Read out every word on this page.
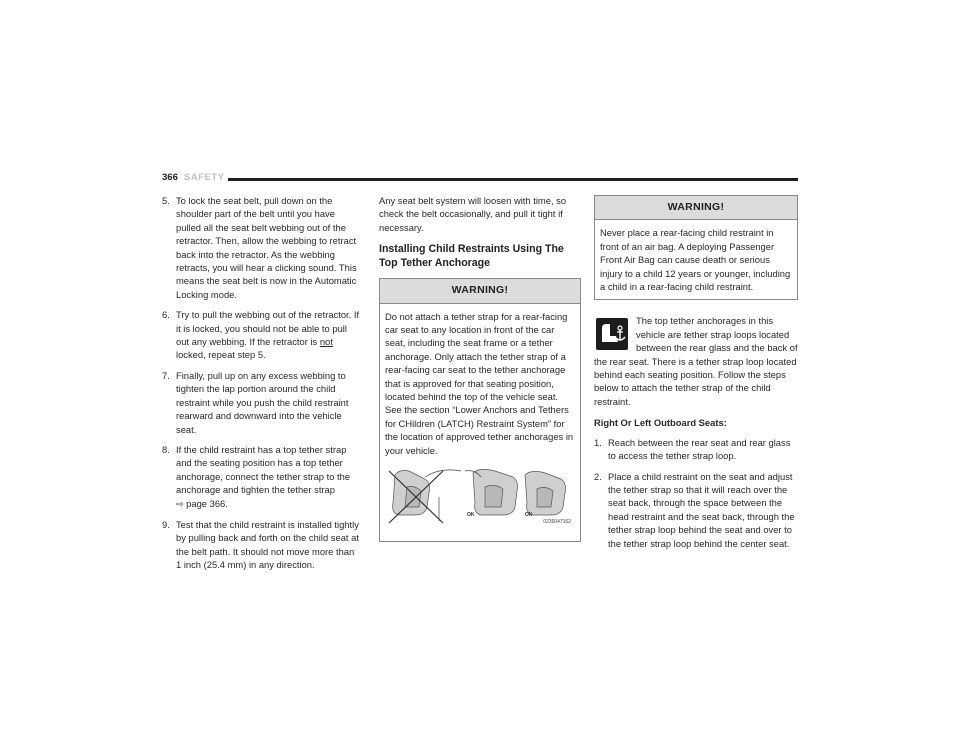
366 SAFETY
5. To lock the seat belt, pull down on the shoulder part of the belt until you have pulled all the seat belt webbing out of the retractor. Then, allow the webbing to retract back into the retractor. As the webbing retracts, you will hear a clicking sound. This means the seat belt is now in the Automatic Locking mode.
6. Try to pull the webbing out of the retractor. If it is locked, you should not be able to pull out any webbing. If the retractor is not locked, repeat step 5.
7. Finally, pull up on any excess webbing to tighten the lap portion around the child restraint while you push the child restraint rearward and downward into the vehicle seat.
8. If the child restraint has a top tether strap and the seating position has a top tether anchorage, connect the tether strap to the anchorage and tighten the tether strap
⇨ page 366.
9. Test that the child restraint is installed tightly by pulling back and forth on the child seat at the belt path. It should not move more than 1 inch (25.4 mm) in any direction.

Any seat belt system will loosen with time, so check the belt occasionally, and pull it tight if necessary.

Installing Child Restraints Using The Top Tether Anchorage
WARNING!

Do not attach a tether strap for a rear-facing car seat to any location in front of the car seat, including the seat frame or a tether anchorage. Only attach the tether strap of a rear-facing car seat to the tether anchorage that is approved for that seating position, located behind the top of the vehicle seat. See the section “Lower Anchors and Tethers for CHildren (LATCH) Restraint System” for the location of approved tether anchorages in your vehicle.

OK	OK
0226047162
WARNING!

Never place a rear-facing child restraint in front of an air bag. A deploying Passenger Front Air Bag can cause death or serious injury to a child 12 years or younger, including a child in a rear-facing child restraint.

The top tether anchorages in this vehicle are tether strap loops located between the rear glass and the back of the rear seat. There is a tether strap loop located behind each seating position. Follow the steps below to attach the tether strap of the child restraint.

Right Or Left Outboard Seats:
1. Reach between the rear seat and rear glass to access the tether strap loop.
2. Place a child restraint on the seat and adjust the tether strap so that it will reach over the seat back, through the space between the head restraint and the seat back, through the tether strap loop behind the seat and over to the tether strap loop behind the center seat.
